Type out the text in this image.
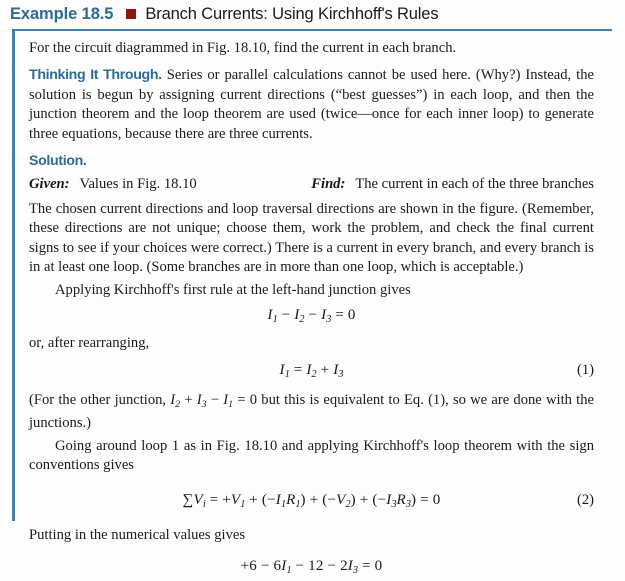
Example 18.5 Branch Currents: Using Kirchhoff's Rules

For the circuit diagrammed in Fig. 18.10, find the current in each branch.

Thinking It Through. Series or parallel calculations cannot be used here. (Why?) Instead, the solution is begun by assigning current directions (“best guesses”) in each loop, and then the junction theorem and the loop theorem are used (twice—once for each inner loop) to generate three equations, because there are three currents.

Solution.
Given: Values in Fig. 18.10	Find: The current in each of the three branches

The chosen current directions and loop traversal directions are shown in the figure. (Remember, these directions are not unique; choose them, work the problem, and check the final current signs to see if your choices were correct.) There is a current in every branch, and every branch is in at least one loop. (Some branches are in more than one loop, which is acceptable.)

Applying Kirchhoff's first rule at the left-hand junction gives

$I_1 - I_2 - I_3 = 0$

or, after rearranging,

$I_1 = I_2 + I_3$	(1)

(For the other junction, $I_2 + I_3 - I_1 = 0$ but this is equivalent to Eq. (1), so we are done with the junctions.)

Going around loop 1 as in Fig. 18.10 and applying Kirchhoff's loop theorem with the sign conventions gives

$\sum V_i = +V_1 + (-I_1R_1) + (-V_2) + (-I_3R_3) = 0$	(2)

Putting in the numerical values gives

$+6 - 6I_1 - 12 - 2I_3 = 0$
